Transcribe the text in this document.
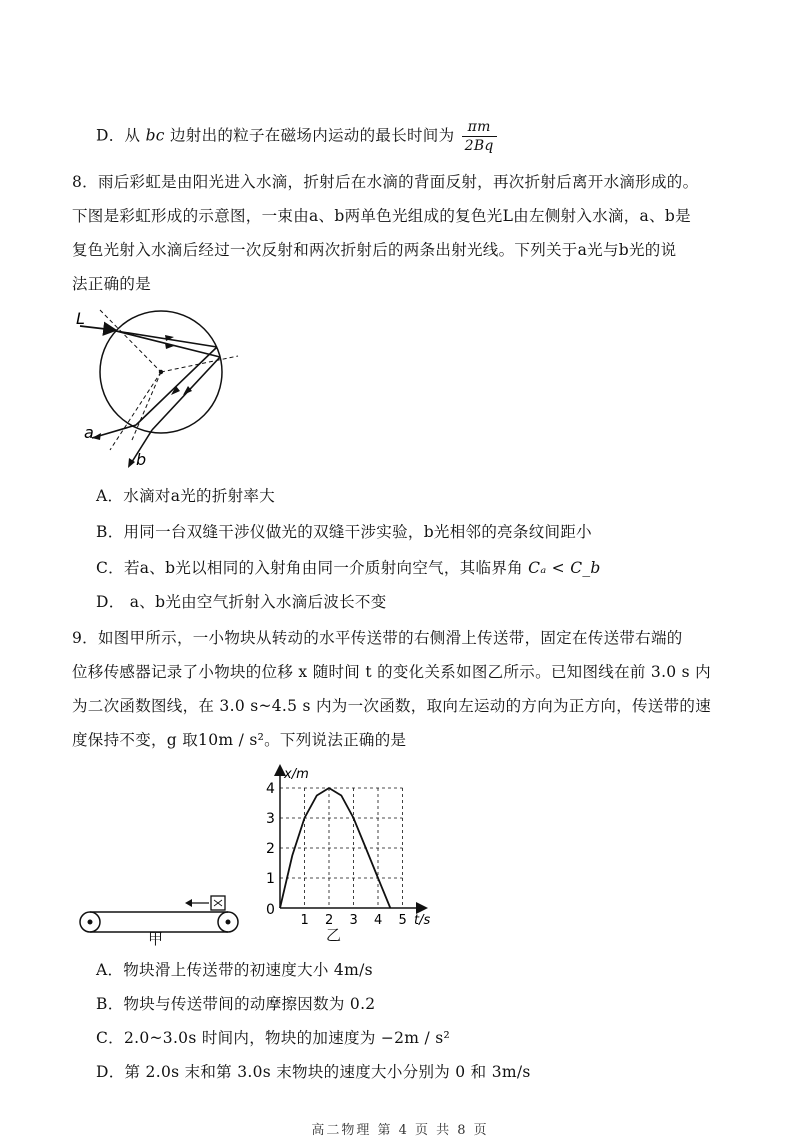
D．从 bc 边射出的粒子在磁场内运动的最长时间为 $\frac{\pi m}{2Bq}$
8．雨后彩虹是由阳光进入水滴，折射后在水滴的背面反射，再次折射后离开水滴形成的。
下图是彩虹形成的示意图，一束由a、b两单色光组成的复色光L由左侧射入水滴，a、b是
复色光射入水滴后经过一次反射和两次折射后的两条出射光线。下列关于a光与b光的说
法正确的是
L
a
b
A．水滴对a光的折射率大
B．用同一台双缝干涉仪做光的双缝干涉实验，b光相邻的亮条纹间距小
C．若a、b光以相同的入射角由同一介质射向空气，其临界角 Cₐ < C_b
D． a、b光由空气折射入水滴后波长不变
9．如图甲所示，一小物块从转动的水平传送带的右侧滑上传送带，固定在传送带右端的
位移传感器记录了小物块的位移 x 随时间 t 的变化关系如图乙所示。已知图线在前 3.0 s 内
为二次函数图线，在 3.0 s~4.5 s 内为一次函数，取向左运动的方向为正方向，传送带的速
度保持不变，g 取10m / s²。下列说法正确的是
甲
1 2 3 4 5
1
2
3
4
x/m
t/s
0
乙
A．物块滑上传送带的初速度大小 4m/s
B．物块与传送带间的动摩擦因数为 0.2
C．2.0~3.0s 时间内，物块的加速度为 −2m / s²
D．第 2.0s 末和第 3.0s 末物块的速度大小分别为 0 和 3m/s
高二物理 第 4 页 共 8 页
